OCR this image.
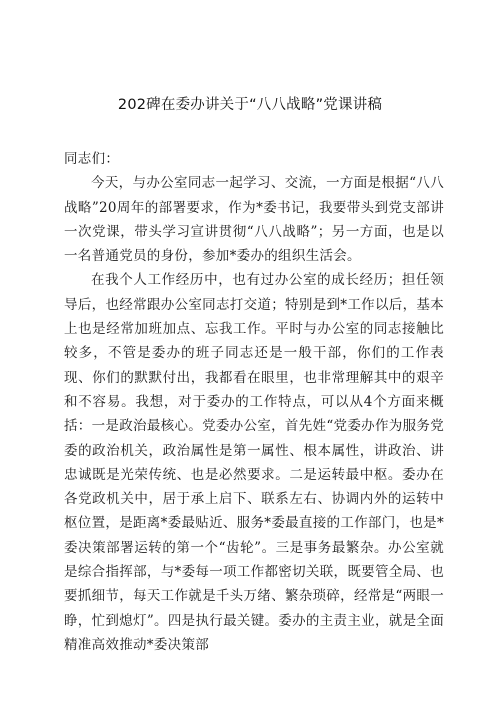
202碑在委办讲关于“八八战略”党课讲稿

同志们：

今天，与办公室同志一起学习、交流，一方面是根据“八八战略”20周年的部署要求，作为*委书记，我要带头到党支部讲一次党课，带头学习宣讲贯彻“八八战略”；另一方面，也是以一名普通党员的身份，参加*委办的组织生活会。

在我个人工作经历中，也有过办公室的成长经历；担任领导后，也经常跟办公室同志打交道；特别是到*工作以后，基本上也是经常加班加点、忘我工作。平时与办公室的同志接触比较多，不管是委办的班子同志还是一般干部，你们的工作表现、你们的默默付出，我都看在眼里，也非常理解其中的艰辛和不容易。我想，对于委办的工作特点，可以从4个方面来概括：一是政治最核心。党委办公室，首先姓“党委办作为服务党委的政治机关，政治属性是第一属性、根本属性，讲政治、讲忠诚既是光荣传统、也是必然要求。二是运转最中枢。委办在各党政机关中，居于承上启下、联系左右、协调内外的运转中枢位置，是距离*委最贴近、服务*委最直接的工作部门，也是*委决策部署运转的第一个“齿轮”。三是事务最繁杂。办公室就是综合指挥部，与*委每一项工作都密切关联，既要管全局、也要抓细节，每天工作就是千头万绪、繁杂琐碎，经常是“两眼一睁，忙到熄灯”。四是执行最关键。委办的主责主业，就是全面精准高效推动*委决策部
